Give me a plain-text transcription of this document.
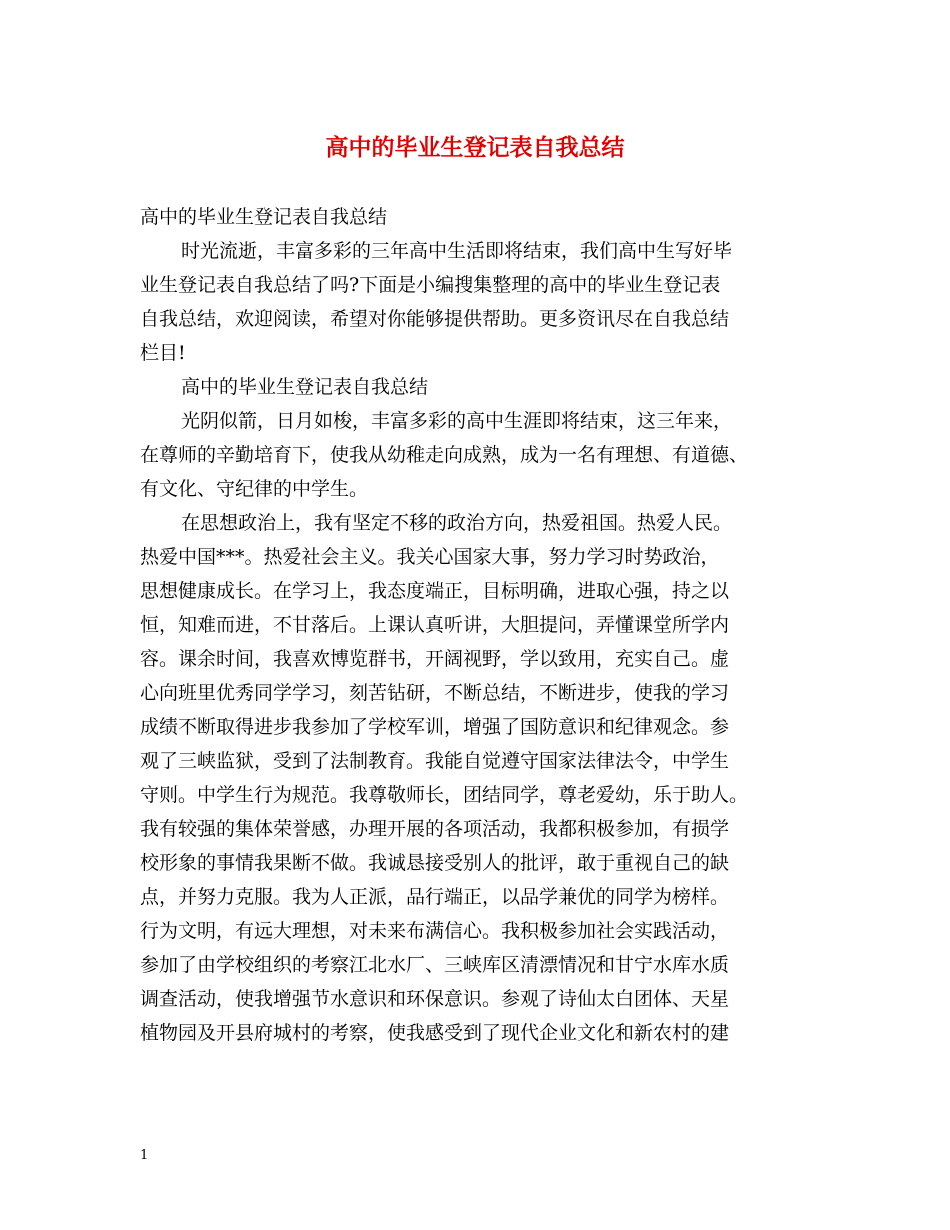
高中的毕业生登记表自我总结
高中的毕业生登记表自我总结
时光流逝，丰富多彩的三年高中生活即将结束，我们高中生写好毕
业生登记表自我总结了吗?下面是小编搜集整理的高中的毕业生登记表
自我总结，欢迎阅读，希望对你能够提供帮助。更多资讯尽在自我总结
栏目!
高中的毕业生登记表自我总结
光阴似箭，日月如梭，丰富多彩的高中生涯即将结束，这三年来，
在尊师的辛勤培育下，使我从幼稚走向成熟，成为一名有理想、有道德、
有文化、守纪律的中学生。
在思想政治上，我有坚定不移的政治方向，热爱祖国。热爱人民。
热爱中国***。热爱社会主义。我关心国家大事，努力学习时势政治，
思想健康成长。在学习上，我态度端正，目标明确，进取心强，持之以
恒，知难而进，不甘落后。上课认真听讲，大胆提问，弄懂课堂所学内
容。课余时间，我喜欢博览群书，开阔视野，学以致用，充实自己。虚
心向班里优秀同学学习，刻苦钻研，不断总结，不断进步，使我的学习
成绩不断取得进步我参加了学校军训，增强了国防意识和纪律观念。参
观了三峡监狱，受到了法制教育。我能自觉遵守国家法律法令，中学生
守则。中学生行为规范。我尊敬师长，团结同学，尊老爱幼，乐于助人。
我有较强的集体荣誉感，办理开展的各项活动，我都积极参加，有损学
校形象的事情我果断不做。我诚恳接受别人的批评，敢于重视自己的缺
点，并努力克服。我为人正派，品行端正，以品学兼优的同学为榜样。
行为文明，有远大理想，对未来布满信心。我积极参加社会实践活动，
参加了由学校组织的考察江北水厂、三峡库区清漂情况和甘宁水库水质
调查活动，使我增强节水意识和环保意识。参观了诗仙太白团体、天星
植物园及开县府城村的考察，使我感受到了现代企业文化和新农村的建
1
